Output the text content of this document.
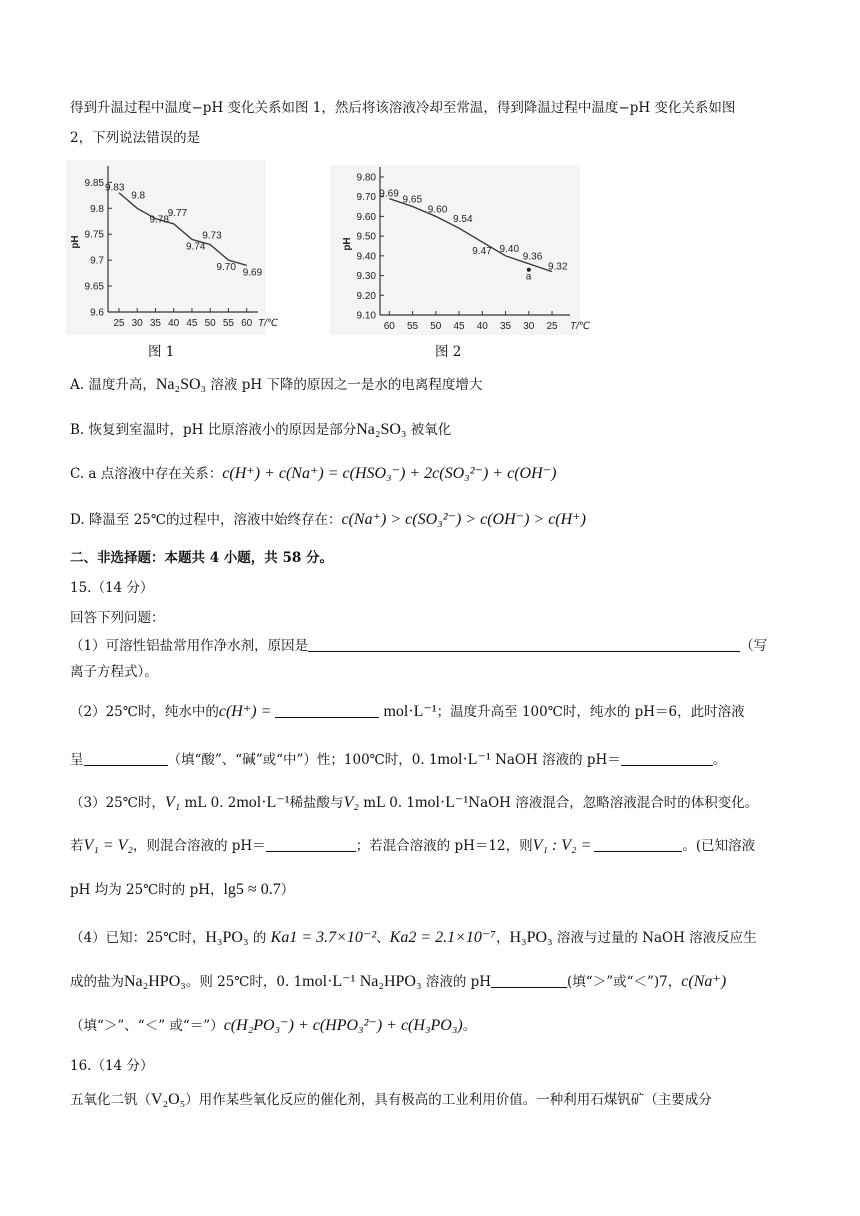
得到升温过程中温度−pH 变化关系如图 1，然后将该溶液冷却至常温，得到降温过程中温度−pH 变化关系如图
2，下列说法错误的是
9.6
9.65
9.7
9.75
9.8
9.85
25 30 35 40 45 50 55 60 T/℃
pH
9.83
9.8
9.78
9.77
9.74
9.73
9.70 9.69
图 1
9.10
9.20
9.30
9.40
9.50
9.60
9.70
9.80
60 55 50 45 40 35 30 25 T/℃
pH
9.69
9.65
9.60
9.54
9.47 9.40
9.36
9.32
a
图 2
A. 温度升高，Na₂SO₃ 溶液 pH 下降的原因之一是水的电离程度增大
B. 恢复到室温时，pH 比原溶液小的原因是部分Na₂SO₃ 被氧化
C. a 点溶液中存在关系：c(H⁺) + c(Na⁺) = c(HSO₃⁻) + 2c(SO₃²⁻) + c(OH⁻)
D. 降温至 25℃的过程中，溶液中始终存在：c(Na⁺) > c(SO₃²⁻) > c(OH⁻) > c(H⁺)
二、非选择题：本题共 4 小题，共 58 分。
15.（14 分）
回答下列问题：
（1）可溶性铝盐常用作净水剂，原因是	（写
离子方程式）。
（2）25℃时，纯水中的c(H⁺) =	mol·L⁻¹；温度升高至 100℃时，纯水的 pH＝6，此时溶液
呈	（填“酸”、“碱”或“中”）性；100℃时，0. 1mol·L⁻¹ NaOH 溶液的 pH＝	。
（3）25℃时，V₁ mL 0. 2mol·L⁻¹稀盐酸与V₂ mL 0. 1mol·L⁻¹NaOH 溶液混合，忽略溶液混合时的体积变化。
若V₁ = V₂，则混合溶液的 pH＝	；若混合溶液的 pH＝12，则V₁ : V₂ =	。(已知溶液
pH 均为 25℃时的 pH，lg5 ≈ 0.7）
（4）已知：25℃时，H₃PO₃ 的 Ka1 = 3.7×10⁻²、Ka2 = 2.1×10⁻⁷，H₃PO₃ 溶液与过量的 NaOH 溶液反应生
成的盐为Na₂HPO₃。则 25℃时，0. 1mol·L⁻¹ Na₂HPO₃ 溶液的 pH	(填“＞”或“＜”)7，c(Na⁺)
（填“＞”、“＜” 或“＝”）c(H₂PO₃⁻) + c(HPO₃²⁻) + c(H₃PO₃)。
16.（14 分）
五氧化二钒（V₂O₅）用作某些氧化反应的催化剂，具有极高的工业利用价值。一种利用石煤钒矿（主要成分
